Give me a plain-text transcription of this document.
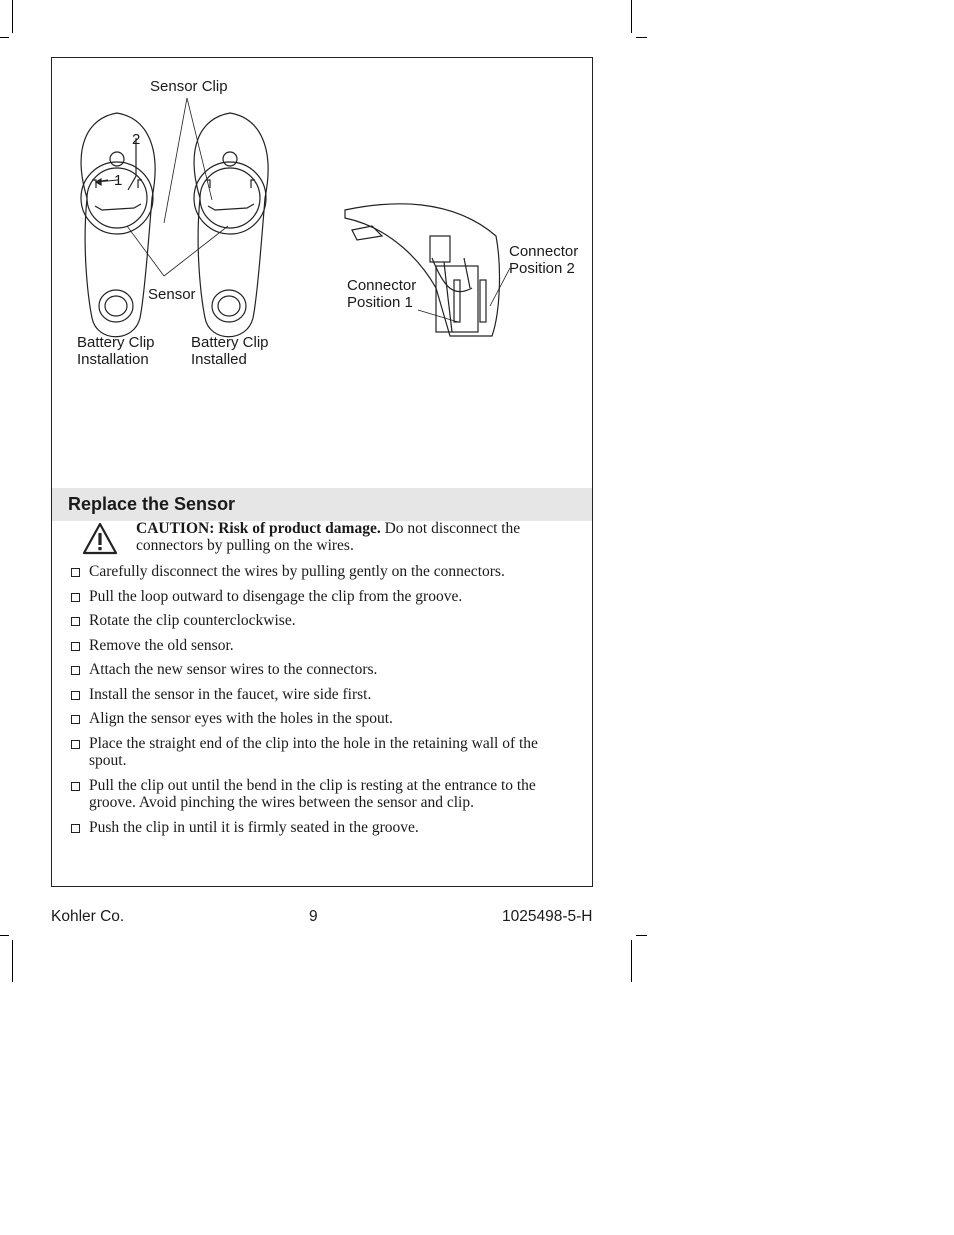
Sensor Clip
2
1
Sensor
Battery Clip
Installation
Battery Clip
Installed
Connector
Position 1
Connector
Position 2
Replace the Sensor
CAUTION: Risk of product damage. Do not disconnect the connectors by pulling on the wires.
Carefully disconnect the wires by pulling gently on the connectors.
Pull the loop outward to disengage the clip from the groove.
Rotate the clip counterclockwise.
Remove the old sensor.
Attach the new sensor wires to the connectors.
Install the sensor in the faucet, wire side first.
Align the sensor eyes with the holes in the spout.
Place the straight end of the clip into the hole in the retaining wall of the spout.
Pull the clip out until the bend in the clip is resting at the entrance to the groove. Avoid pinching the wires between the sensor and clip.
Push the clip in until it is firmly seated in the groove.
Kohler Co.	9	1025498-5-H
